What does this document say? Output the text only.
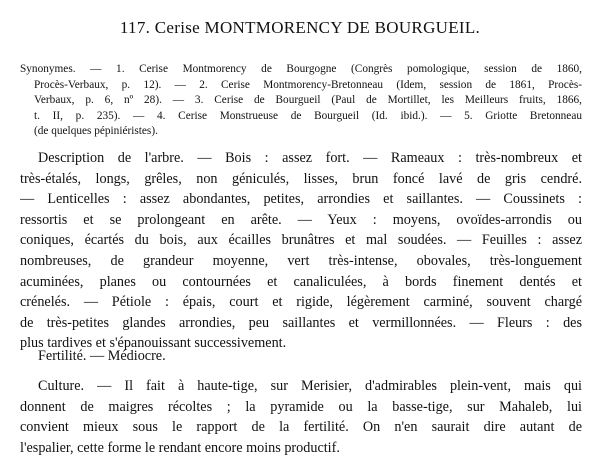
117. Cerise MONTMORENCY DE BOURGUEIL.
Synonymes. — 1. Cerise Montmorency de Bourgogne (Congrès pomologique, session de 1860,
Procès-Verbaux, p. 12). — 2. Cerise Montmorency-Bretonneau (Idem, session de 1861, Procès-
Verbaux, p. 6, nº 28). — 3. Cerise de Bourgueil (Paul de Mortillet, les Meilleurs fruits, 1866,
t. II, p. 235). — 4. Cerise Monstrueuse de Bourgueil (Id. ibid.). — 5. Griotte Bretonneau
(de quelques pépiniéristes).
Description de l'arbre. — Bois : assez fort. — Rameaux : très-nombreux et
très-étalés, longs, grêles, non géniculés, lisses, brun foncé lavé de gris cendré.
— Lenticelles : assez abondantes, petites, arrondies et saillantes. — Coussinets :
ressortis et se prolongeant en arête. — Yeux : moyens, ovoïdes-arrondis ou
coniques, écartés du bois, aux écailles brunâtres et mal soudées. — Feuilles : assez
nombreuses, de grandeur moyenne, vert très-intense, obovales, très-longuement
acuminées, planes ou contournées et canaliculées, à bords finement dentés et
crénelés. — Pétiole : épais, court et rigide, légèrement carminé, souvent chargé
de très-petites glandes arrondies, peu saillantes et vermillonnées. — Fleurs : des
plus tardives et s'épanouissant successivement.
Fertilité. — Médiocre.
Culture. — Il fait à haute-tige, sur Merisier, d'admirables plein-vent, mais qui
donnent de maigres récoltes ; la pyramide ou la basse-tige, sur Mahaleb, lui
convient mieux sous le rapport de la fertilité. On n'en saurait dire autant de
l'espalier, cette forme le rendant encore moins productif.
